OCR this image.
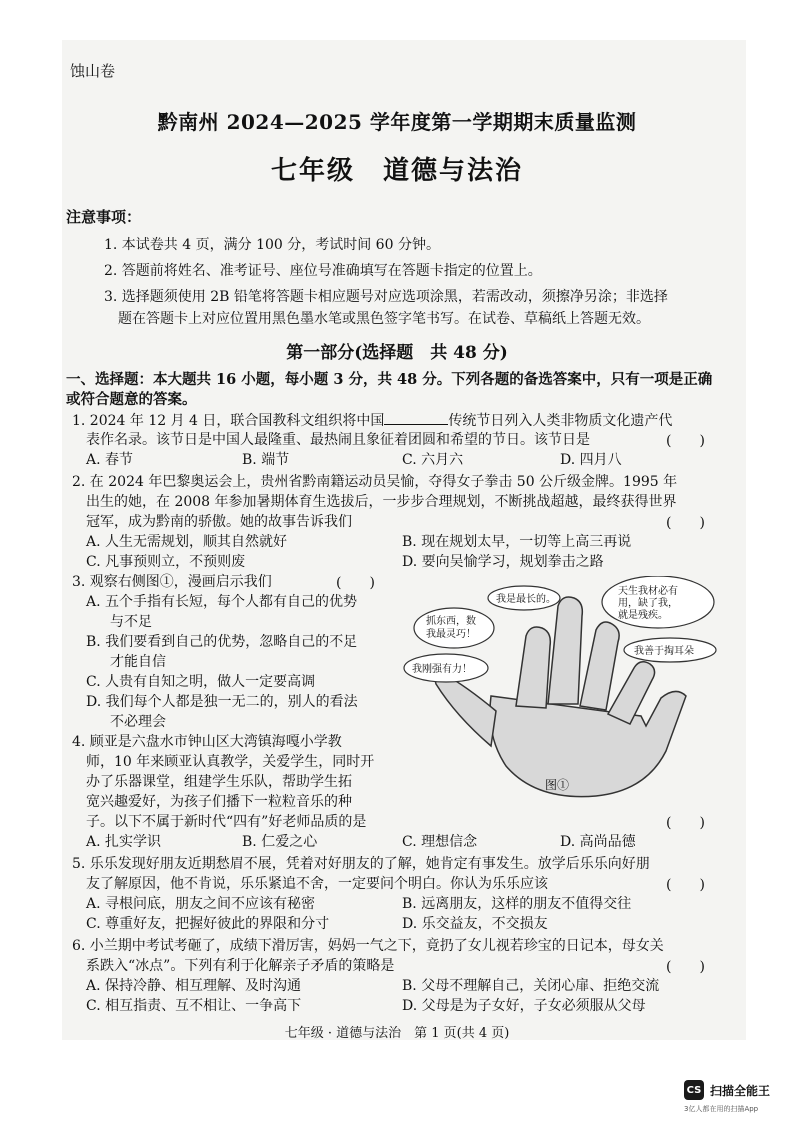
蚀山卷
黔南州 2024—2025 学年度第一学期期末质量监测
七年级　道德与法治
注意事项：
1. 本试卷共 4 页，满分 100 分，考试时间 60 分钟。
2. 答题前将姓名、准考证号、座位号准确填写在答题卡指定的位置上。
3. 选择题须使用 2B 铅笔将答题卡相应题号对应选项涂黑，若需改动，须擦净另涂；非选择
题在答题卡上对应位置用黑色墨水笔或黑色签字笔书写。在试卷、草稿纸上答题无效。
第一部分(选择题　共 48 分)
一、选择题：本大题共 16 小题，每小题 3 分，共 48 分。下列各题的备选答案中，只有一项是正确或符合题意的答案。
1. 2024 年 12 月 4 日，联合国教科文组织将中国	传统节日列入人类非物质文化遗产代
表作名录。该节日是中国人最隆重、最热闹且象征着团圆和希望的节日。该节日是	(　　)
A. 春节	B. 端节	C. 六月六	D. 四月八
2. 在 2024 年巴黎奥运会上，贵州省黔南籍运动员吴愉，夺得女子拳击 50 公斤级金牌。1995 年
出生的她，在 2008 年参加暑期体育生选拔后，一步步合理规划，不断挑战超越，最终获得世界
冠军，成为黔南的骄傲。她的故事告诉我们	(　　)
A. 人生无需规划，顺其自然就好	B. 现在规划太早，一切等上高三再说
C. 凡事预则立，不预则废	D. 要向吴愉学习，规划拳击之路
3. 观察右侧图①，漫画启示我们	(　　)
A. 五个手指有长短，每个人都有自己的优势
与不足
B. 我们要看到自己的优势，忽略自己的不足
才能自信
C. 人贵有自知之明，做人一定要高调
D. 我们每个人都是独一无二的，别人的看法
不必理会
我刚强有力！
抓东西，数我最灵巧！
我是最长的。
天生我材必有用，缺了我，就是残疾。
我善于掏耳朵
图①
4. 顾亚是六盘水市钟山区大湾镇海嘎小学教
师，10 年来顾亚认真教学，关爱学生，同时开
办了乐器课堂，组建学生乐队，帮助学生拓
宽兴趣爱好，为孩子们播下一粒粒音乐的种
子。以下不属于新时代“四有”好老师品质的是	(　　)
A. 扎实学识	B. 仁爱之心	C. 理想信念	D. 高尚品德
5. 乐乐发现好朋友近期愁眉不展，凭着对好朋友的了解，她肯定有事发生。放学后乐乐向好朋
友了解原因，他不肯说，乐乐紧追不舍，一定要问个明白。你认为乐乐应该	(　　)
A. 寻根问底，朋友之间不应该有秘密	B. 远离朋友，这样的朋友不值得交往
C. 尊重好友，把握好彼此的界限和分寸	D. 乐交益友，不交损友
6. 小兰期中考试考砸了，成绩下滑厉害，妈妈一气之下，竟扔了女儿视若珍宝的日记本，母女关
系跌入“冰点”。下列有利于化解亲子矛盾的策略是	(　　)
A. 保持冷静、相互理解、及时沟通	B. 父母不理解自己，关闭心扉、拒绝交流
C. 相互指责、互不相让、一争高下	D. 父母是为子女好，子女必须服从父母
七年级 · 道德与法治　第 1 页(共 4 页)
CS 扫描全能王
3亿人都在用的扫描App
